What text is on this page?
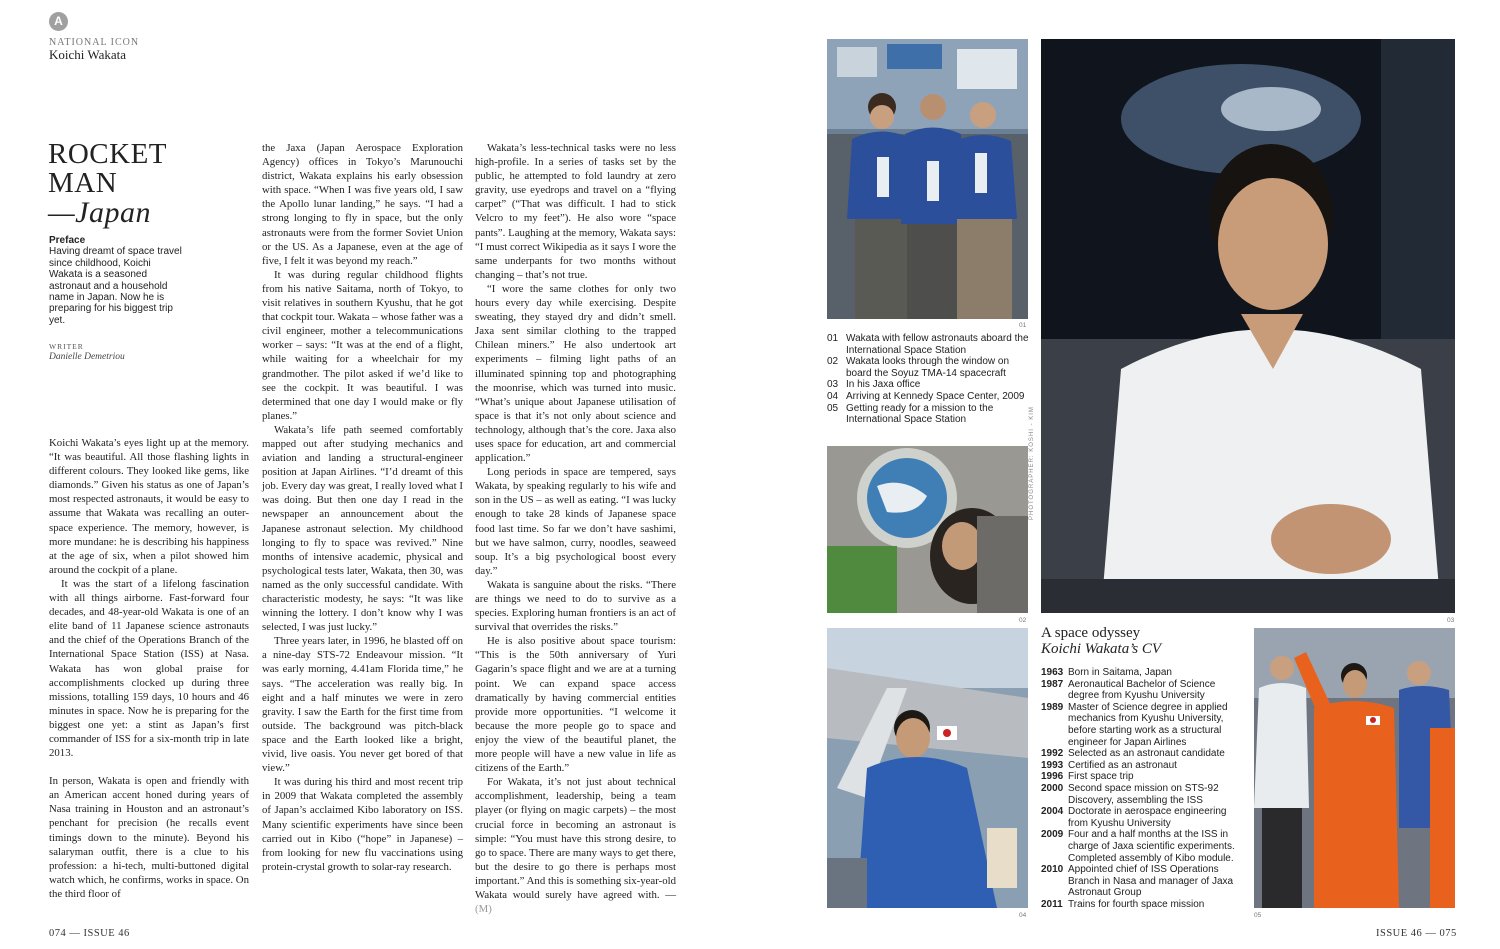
A
NATIONAL ICON
Koichi Wakata
ROCKET
MAN
—Japan
Preface
Having dreamt of space travel since childhood, Koichi Wakata is a seasoned astronaut and a household name in Japan. Now he is preparing for his biggest trip yet.
WRITER
Danielle Demetriou

Koichi Wakata’s eyes light up at the memory. “It was beautiful. All those flashing lights in different colours. They looked like gems, like diamonds.” Given his status as one of Japan’s most respected astronauts, it would be easy to assume that Wakata was recalling an outer-space experience. The memory, however, is more mundane: he is describing his happiness at the age of six, when a pilot showed him around the cockpit of a plane.

It was the start of a lifelong fascination with all things airborne. Fast-forward four decades, and 48-year-old Wakata is one of an elite band of 11 Japanese science astronauts and the chief of the Operations Branch of the International Space Station (ISS) at Nasa. Wakata has won global praise for accomplishments clocked up during three missions, totalling 159 days, 10 hours and 46 minutes in space. Now he is preparing for the biggest one yet: a stint as Japan’s first commander of ISS for a six-month trip in late 2013.

In person, Wakata is open and friendly with an American accent honed during years of Nasa training in Houston and an astronaut’s penchant for precision (he recalls event timings down to the minute). Beyond his salaryman outfit, there is a clue to his profession: a hi-tech, multi-buttoned digital watch which, he confirms, works in space. On the third floor of

the Jaxa (Japan Aerospace Exploration Agency) offices in Tokyo’s Marunouchi district, Wakata explains his early obsession with space. “When I was five years old, I saw the Apollo lunar landing,” he says. “I had a strong longing to fly in space, but the only astronauts were from the former Soviet Union or the US. As a Japanese, even at the age of five, I felt it was beyond my reach.”

It was during regular childhood flights from his native Saitama, north of Tokyo, to visit relatives in southern Kyushu, that he got that cockpit tour. Wakata – whose father was a civil engineer, mother a telecommunications worker – says: “It was at the end of a flight, while waiting for a wheelchair for my grandmother. The pilot asked if we’d like to see the cockpit. It was beautiful. I was determined that one day I would make or fly planes.”

Wakata’s life path seemed comfortably mapped out after studying mechanics and aviation and landing a structural-engineer position at Japan Airlines. “I’d dreamt of this job. Every day was great, I really loved what I was doing. But then one day I read in the newspaper an announcement about the Japanese astronaut selection. My childhood longing to fly to space was revived.” Nine months of intensive academic, physical and psychological tests later, Wakata, then 30, was named as the only successful candidate. With characteristic modesty, he says: “It was like winning the lottery. I don’t know why I was selected, I was just lucky.”

Three years later, in 1996, he blasted off on a nine-day STS-72 Endeavour mission. “It was early morning, 4.41am Florida time,” he says. “The acceleration was really big. In eight and a half minutes we were in zero gravity. I saw the Earth for the first time from outside. The background was pitch-black space and the Earth looked like a bright, vivid, live oasis. You never get bored of that view.”

It was during his third and most recent trip in 2009 that Wakata completed the assembly of Japan’s acclaimed Kibo laboratory on ISS. Many scientific experiments have since been carried out in Kibo (“hope” in Japanese) – from looking for new flu vaccinations using protein-crystal growth to solar-ray research.

Wakata’s less-technical tasks were no less high-profile. In a series of tasks set by the public, he attempted to fold laundry at zero gravity, use eyedrops and travel on a “flying carpet” (“That was difficult. I had to stick Velcro to my feet”). He also wore “space pants”. Laughing at the memory, Wakata says: “I must correct Wikipedia as it says I wore the same underpants for two months without changing – that’s not true.

“I wore the same clothes for only two hours every day while exercising. Despite sweating, they stayed dry and didn’t smell. Jaxa sent similar clothing to the trapped Chilean miners.” He also undertook art experiments – filming light paths of an illuminated spinning top and photographing the moonrise, which was turned into music. “What’s unique about Japanese utilisation of space is that it’s not only about science and technology, although that’s the core. Jaxa also uses space for education, art and commercial application.”

Long periods in space are tempered, says Wakata, by speaking regularly to his wife and son in the US – as well as eating. “I was lucky enough to take 28 kinds of Japanese space food last time. So far we don’t have sashimi, but we have salmon, curry, noodles, seaweed soup. It’s a big psychological boost every day.”

Wakata is sanguine about the risks. “There are things we need to do to survive as a species. Exploring human frontiers is an act of survival that overrides the risks.”

He is also positive about space tourism: “This is the 50th anniversary of Yuri Gagarin’s space flight and we are at a turning point. We can expand space access dramatically by having commercial entities provide more opportunities. “I welcome it because the more people go to space and enjoy the view of the beautiful planet, the more people will have a new value in life as citizens of the Earth.”

For Wakata, it’s not just about technical accomplishment, leadership, being a team player (or flying on magic carpets) – the most crucial force in becoming an astronaut is simple: “You must have this strong desire, to go to space. There are many ways to get there, but the desire to go there is perhaps most important.” And this is something six-year-old Wakata would surely have agreed with. — (M)

074 — ISSUE 46
01
01 Wakata with fellow astronauts aboard the International Space Station
02 Wakata looks through the window on board the Soyuz TMA-14 spacecraft
03 In his Jaxa office
04 Arriving at Kennedy Space Center, 2009
05 Getting ready for a mission to the International Space Station
02
PHOTOGRAPHER: KOSHI - KIM
03
04
A space odyssey
Koichi Wakata’s CV
1963 Born in Saitama, Japan
1987 Aeronautical Bachelor of Science degree from Kyushu University
1989 Master of Science degree in applied mechanics from Kyushu University, before starting work as a structural engineer for Japan Airlines
1992 Selected as an astronaut candidate
1993 Certified as an astronaut
1996 First space trip
2000 Second space mission on STS-92 Discovery, assembling the ISS
2004 Doctorate in aerospace engineering from Kyushu University
2009 Four and a half months at the ISS in charge of Jaxa scientific experiments. Completed assembly of Kibo module.
2010 Appointed chief of ISS Operations Branch in Nasa and manager of Jaxa Astronaut Group
2011 Trains for fourth space mission
05
ISSUE 46 — 075
